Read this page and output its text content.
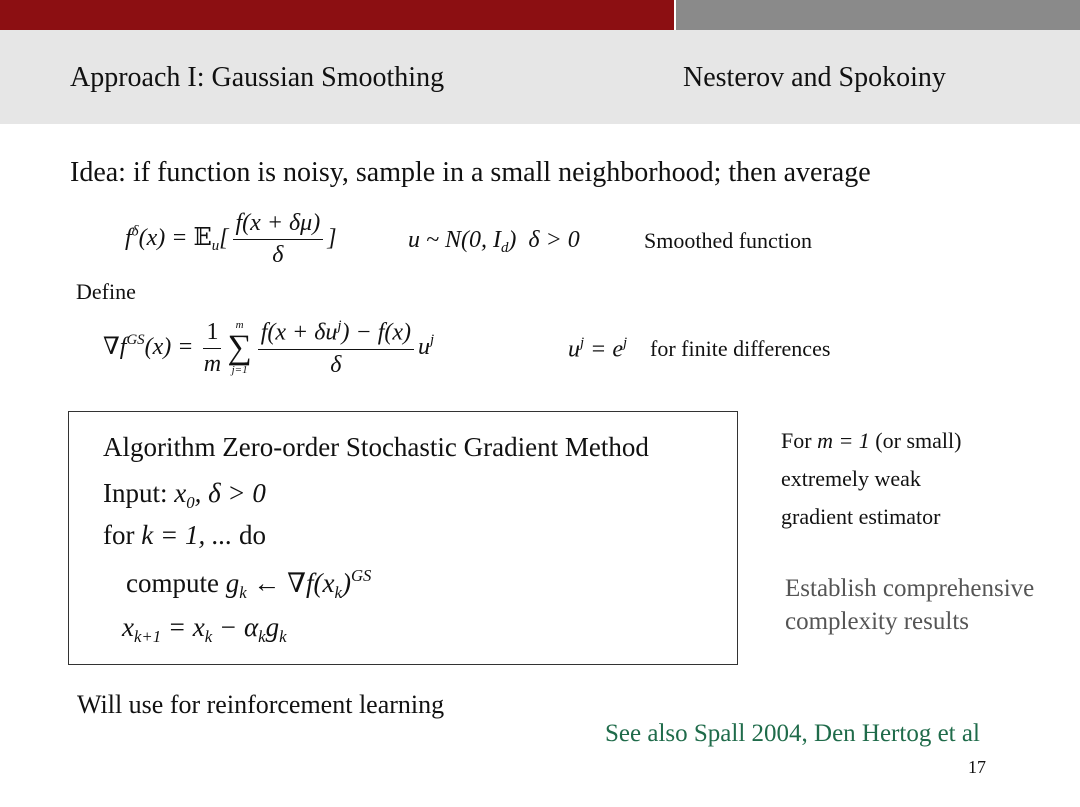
Approach I: Gaussian Smoothing	Nesterov and Spokoiny
Idea: if function is noisy, sample in a small neighborhood; then average
$f^\delta(x)$ = 𝔼$_u$[ $\frac{f(x + \delta\mu)}{\delta}$ ]	u ~ N(0, $I_d$)  δ > 0	Smoothed function
Define
$\nabla f^{GS}(x) = \frac{1}{m}$ m
∑
$j=1 \frac{f(x + \delta u^j) - f(x)}{\delta} u^j$	$u^j = e^j$ for finite differences
Algorithm Zero-order Stochastic Gradient Method
Input: $x_0$, δ > 0
for k = 1, ... do
compute $g_k$ ← $\nabla f(x_k)^{GS}$
$x_{k+1} = x_k - \alpha_kg_k$
For m = 1 (or small)
extremely weak
gradient estimator
Establish comprehensive
complexity results
Will use for reinforcement learning
See also Spall 2004, Den Hertog et al
17
